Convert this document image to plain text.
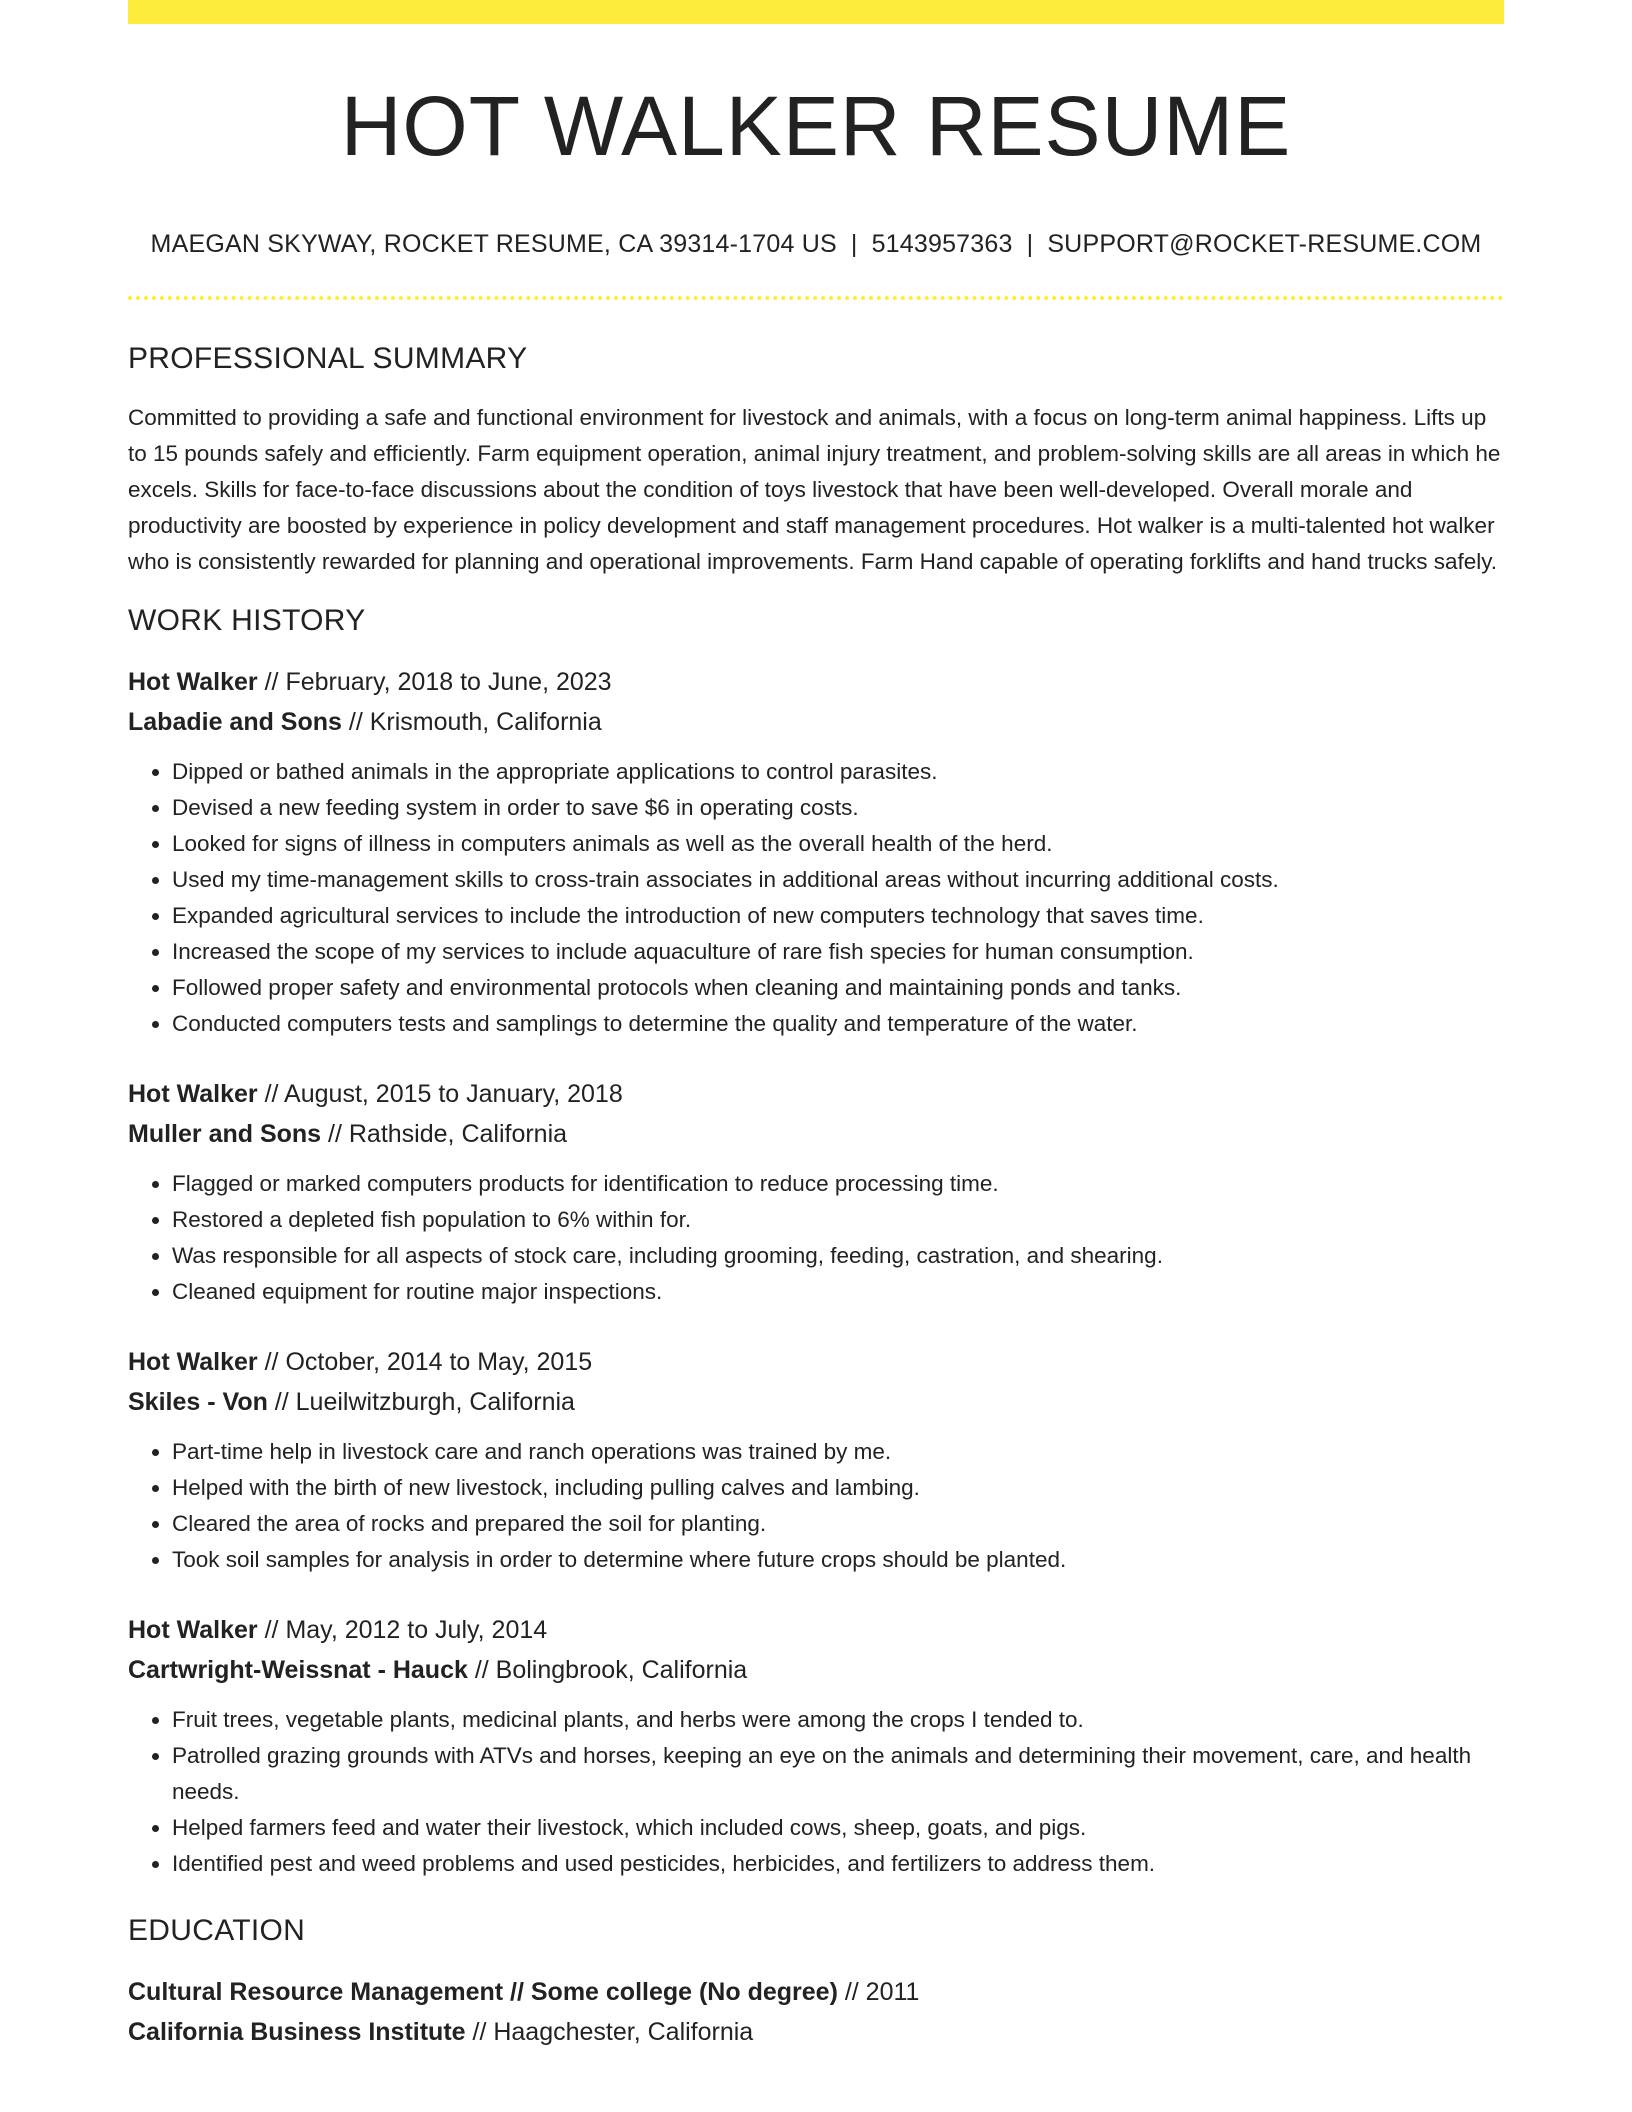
HOT WALKER RESUME
MAEGAN SKYWAY, ROCKET RESUME, CA 39314-1704 US | 5143957363 | SUPPORT@ROCKET-RESUME.COM
PROFESSIONAL SUMMARY

Committed to providing a safe and functional environment for livestock and animals, with a focus on long-term animal happiness. Lifts up to 15 pounds safely and efficiently. Farm equipment operation, animal injury treatment, and problem-solving skills are all areas in which he excels. Skills for face-to-face discussions about the condition of toys livestock that have been well-developed. Overall morale and productivity are boosted by experience in policy development and staff management procedures. Hot walker is a multi-talented hot walker who is consistently rewarded for planning and operational improvements. Farm Hand capable of operating forklifts and hand trucks safely.

WORK HISTORY
Hot Walker // February, 2018 to June, 2023
Labadie and Sons // Krismouth, California
• Dipped or bathed animals in the appropriate applications to control parasites.
• Devised a new feeding system in order to save $6 in operating costs.
• Looked for signs of illness in computers animals as well as the overall health of the herd.
• Used my time-management skills to cross-train associates in additional areas without incurring additional costs.
• Expanded agricultural services to include the introduction of new computers technology that saves time.
• Increased the scope of my services to include aquaculture of rare fish species for human consumption.
• Followed proper safety and environmental protocols when cleaning and maintaining ponds and tanks.
• Conducted computers tests and samplings to determine the quality and temperature of the water.
Hot Walker // August, 2015 to January, 2018
Muller and Sons // Rathside, California
• Flagged or marked computers products for identification to reduce processing time.
• Restored a depleted fish population to 6% within for.
• Was responsible for all aspects of stock care, including grooming, feeding, castration, and shearing.
• Cleaned equipment for routine major inspections.
Hot Walker // October, 2014 to May, 2015
Skiles - Von // Lueilwitzburgh, California
• Part-time help in livestock care and ranch operations was trained by me.
• Helped with the birth of new livestock, including pulling calves and lambing.
• Cleared the area of rocks and prepared the soil for planting.
• Took soil samples for analysis in order to determine where future crops should be planted.
Hot Walker // May, 2012 to July, 2014
Cartwright-Weissnat - Hauck // Bolingbrook, California
• Fruit trees, vegetable plants, medicinal plants, and herbs were among the crops I tended to.
• Patrolled grazing grounds with ATVs and horses, keeping an eye on the animals and determining their movement, care, and health needs.
• Helped farmers feed and water their livestock, which included cows, sheep, goats, and pigs.
• Identified pest and weed problems and used pesticides, herbicides, and fertilizers to address them.
EDUCATION
Cultural Resource Management // Some college (No degree) // 2011
California Business Institute // Haagchester, California
